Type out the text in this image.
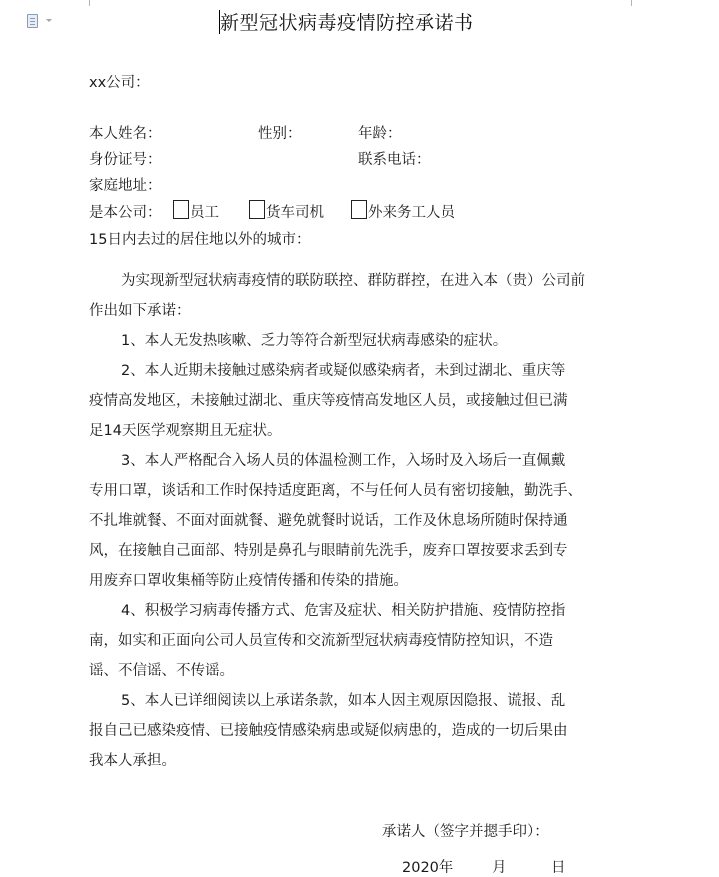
新型冠状病毒疫情防控承诺书
xx公司：
本人姓名：	性别：	年龄：
身份证号：	联系电话：
家庭地址：
是本公司： 员工	货车司机	外来务工人员
15日内去过的居住地以外的城市：
为实现新型冠状病毒疫情的联防联控、群防群控，在进入本（贵）公司前
作出如下承诺：
1、本人无发热咳嗽、乏力等符合新型冠状病毒感染的症状。
2、本人近期未接触过感染病者或疑似感染病者，未到过湖北、重庆等
疫情高发地区，未接触过湖北、重庆等疫情高发地区人员，或接触过但已满
足14天医学观察期且无症状。
3、本人严格配合入场人员的体温检测工作，入场时及入场后一直佩戴
专用口罩，谈话和工作时保持适度距离，不与任何人员有密切接触，勤洗手、
不扎堆就餐、不面对面就餐、避免就餐时说话，工作及休息场所随时保持通
风，在接触自己面部、特别是鼻孔与眼睛前先洗手，废弃口罩按要求丢到专
用废弃口罩收集桶等防止疫情传播和传染的措施。
4、积极学习病毒传播方式、危害及症状、相关防护措施、疫情防控指
南，如实和正面向公司人员宣传和交流新型冠状病毒疫情防控知识，不造
谣、不信谣、不传谣。
5、本人已详细阅读以上承诺条款，如本人因主观原因隐报、谎报、乱
报自己已感染疫情、已接触疫情感染病患或疑似病患的，造成的一切后果由
我本人承担。
承诺人（签字并摁手印）：
2020年	月	日
